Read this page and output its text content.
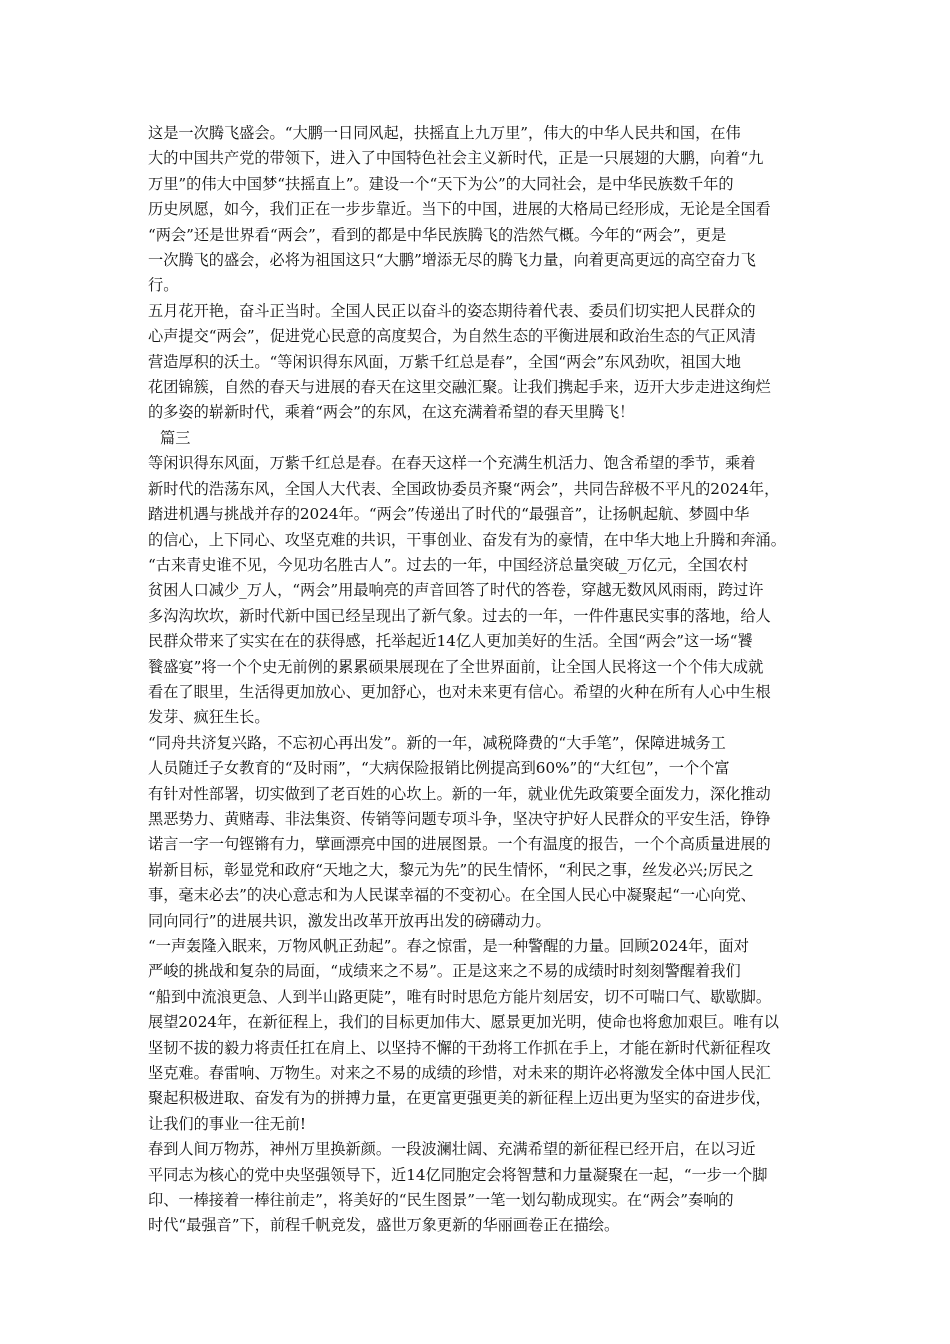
这是一次腾飞盛会。“大鹏一日同风起，扶摇直上九万里”，伟大的中华人民共和国，在伟
大的中国共产党的带领下，进入了中国特色社会主义新时代，正是一只展翅的大鹏，向着“九
万里”的伟大中国梦“扶摇直上”。建设一个“天下为公”的大同社会，是中华民族数千年的
历史夙愿，如今，我们正在一步步靠近。当下的中国，进展的大格局已经形成，无论是全国看
“两会”还是世界看“两会”，看到的都是中华民族腾飞的浩然气概。今年的“两会”，更是
一次腾飞的盛会，必将为祖国这只“大鹏”增添无尽的腾飞力量，向着更高更远的高空奋力飞
行。

五月花开艳，奋斗正当时。全国人民正以奋斗的姿态期待着代表、委员们切实把人民群众的
心声提交“两会”，促进党心民意的高度契合，为自然生态的平衡进展和政治生态的气正风清
营造厚积的沃土。“等闲识得东风面，万紫千红总是春”，全国“两会”东风劲吹，祖国大地
花团锦簇，自然的春天与进展的春天在这里交融汇聚。让我们携起手来，迈开大步走进这绚烂
的多姿的崭新时代，乘着“两会”的东风，在这充满着希望的春天里腾飞！

篇三

等闲识得东风面，万紫千红总是春。在春天这样一个充满生机活力、饱含希望的季节，乘着
新时代的浩荡东风，全国人大代表、全国政协委员齐聚“两会”，共同告辞极不平凡的2024年，
踏进机遇与挑战并存的2024年。“两会”传递出了时代的“最强音”，让扬帆起航、梦圆中华
的信心，上下同心、攻坚克难的共识，干事创业、奋发有为的豪情，在中华大地上升腾和奔涌。

“古来青史谁不见，今见功名胜古人”。过去的一年，中国经济总量突破_万亿元，全国农村
贫困人口减少_万人，“两会”用最响亮的声音回答了时代的答卷，穿越无数风风雨雨，跨过许
多沟沟坎坎，新时代新中国已经呈现出了新气象。过去的一年，一件件惠民实事的落地，给人
民群众带来了实实在在的获得感，托举起近14亿人更加美好的生活。全国“两会”这一场“饕
餮盛宴”将一个个史无前例的累累硕果展现在了全世界面前，让全国人民将这一个个伟大成就
看在了眼里，生活得更加放心、更加舒心，也对未来更有信心。希望的火种在所有人心中生根
发芽、疯狂生长。

“同舟共济复兴路，不忘初心再出发”。新的一年，减税降费的“大手笔”，保障进城务工
人员随迁子女教育的“及时雨”，“大病保险报销比例提高到60%”的“大红包”，一个个富
有针对性部署，切实做到了老百姓的心坎上。新的一年，就业优先政策要全面发力，深化推动
黑恶势力、黄赌毒、非法集资、传销等问题专项斗争，坚决守护好人民群众的平安生活，铮铮
诺言一字一句铿锵有力，擘画漂亮中国的进展图景。一个有温度的报告，一个个高质量进展的
崭新目标，彰显党和政府“天地之大，黎元为先”的民生情怀，“利民之事，丝发必兴;厉民之
事，毫末必去”的决心意志和为人民谋幸福的不变初心。在全国人民心中凝聚起“一心向党、
同向同行”的进展共识，激发出改革开放再出发的磅礴动力。

“一声轰隆入眠来，万物风帆正劲起”。春之惊雷，是一种警醒的力量。回顾2024年，面对
严峻的挑战和复杂的局面，“成绩来之不易”。正是这来之不易的成绩时时刻刻警醒着我们
“船到中流浪更急、人到半山路更陡”，唯有时时思危方能片刻居安，切不可喘口气、歇歇脚。
展望2024年，在新征程上，我们的目标更加伟大、愿景更加光明，使命也将愈加艰巨。唯有以
坚韧不拔的毅力将责任扛在肩上、以坚持不懈的干劲将工作抓在手上，才能在新时代新征程攻
坚克难。春雷响、万物生。对来之不易的成绩的珍惜，对未来的期许必将激发全体中国人民汇
聚起积极进取、奋发有为的拼搏力量，在更富更强更美的新征程上迈出更为坚实的奋进步伐，
让我们的事业一往无前!

春到人间万物苏，神州万里换新颜。一段波澜壮阔、充满希望的新征程已经开启，在以习近
平同志为核心的党中央坚强领导下，近14亿同胞定会将智慧和力量凝聚在一起，“一步一个脚
印、一棒接着一棒往前走”，将美好的“民生图景”一笔一划勾勒成现实。在“两会”奏响的
时代“最强音”下，前程千帆竞发，盛世万象更新的华丽画卷正在描绘。
